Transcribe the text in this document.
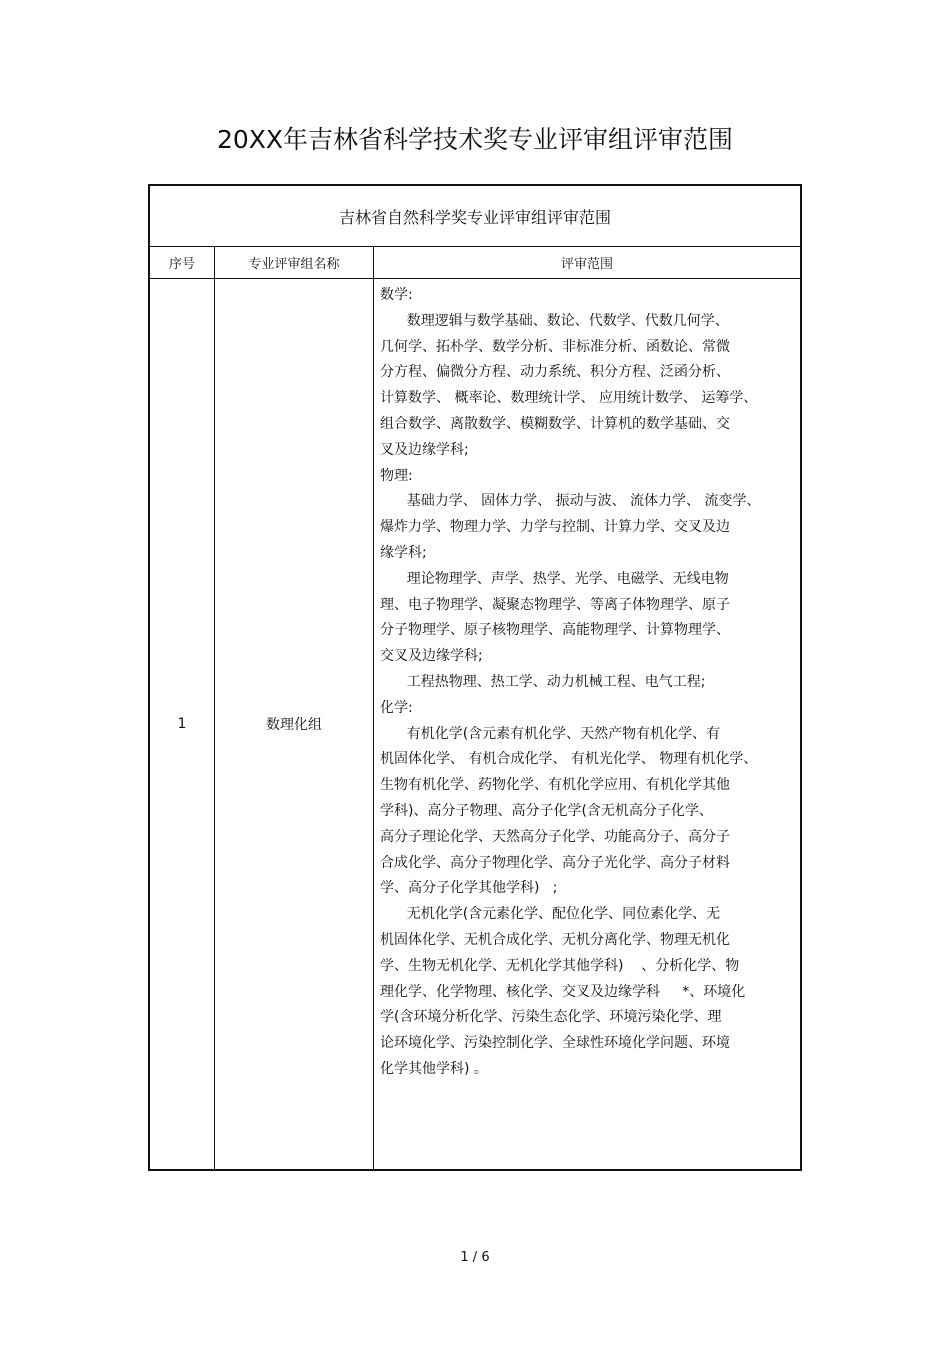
20XX年吉林省科学技术奖专业评审组评审范围
吉林省自然科学奖专业评审组评审范围
序号	专业评审组名称	评审范围
1	数理化组
数学:
数理逻辑与数学基础、数论、代数学、代数几何学、
几何学、拓朴学、数学分析、非标准分析、函数论、常微
分方程、偏微分方程、动力系统、积分方程、泛函分析、
计算数学、 概率论、数理统计学、 应用统计数学、 运筹学、
组合数学、离散数学、模糊数学、计算机的数学基础、交
叉及边缘学科;
物理:
基础力学、 固体力学、 振动与波、 流体力学、 流变学、
爆炸力学、物理力学、力学与控制、计算力学、交叉及边
缘学科;
理论物理学、声学、热学、光学、电磁学、无线电物
理、电子物理学、凝聚态物理学、等离子体物理学、原子
分子物理学、原子核物理学、高能物理学、计算物理学、
交叉及边缘学科;
工程热物理、热工学、动力机械工程、电气工程;
化学:
有机化学(含元素有机化学、天然产物有机化学、有
机固体化学、 有机合成化学、 有机光化学、 物理有机化学、
生物有机化学、药物化学、有机化学应用、有机化学其他
学科)、高分子物理、高分子化学(含无机高分子化学、
高分子理论化学、天然高分子化学、功能高分子、高分子
合成化学、高分子物理化学、高分子光化学、高分子材料
学、高分子化学其他学科)   ;
无机化学(含元素化学、配位化学、同位素化学、无
机固体化学、无机合成化学、无机分离化学、物理无机化
学、生物无机化学、无机化学其他学科)    、分析化学、物
理化学、化学物理、核化学、交叉及边缘学科     *、环境化
学(含环境分析化学、污染生态化学、环境污染化学、理
论环境化学、污染控制化学、全球性环境化学问题、环境
化学其他学科) 。
1 / 6
